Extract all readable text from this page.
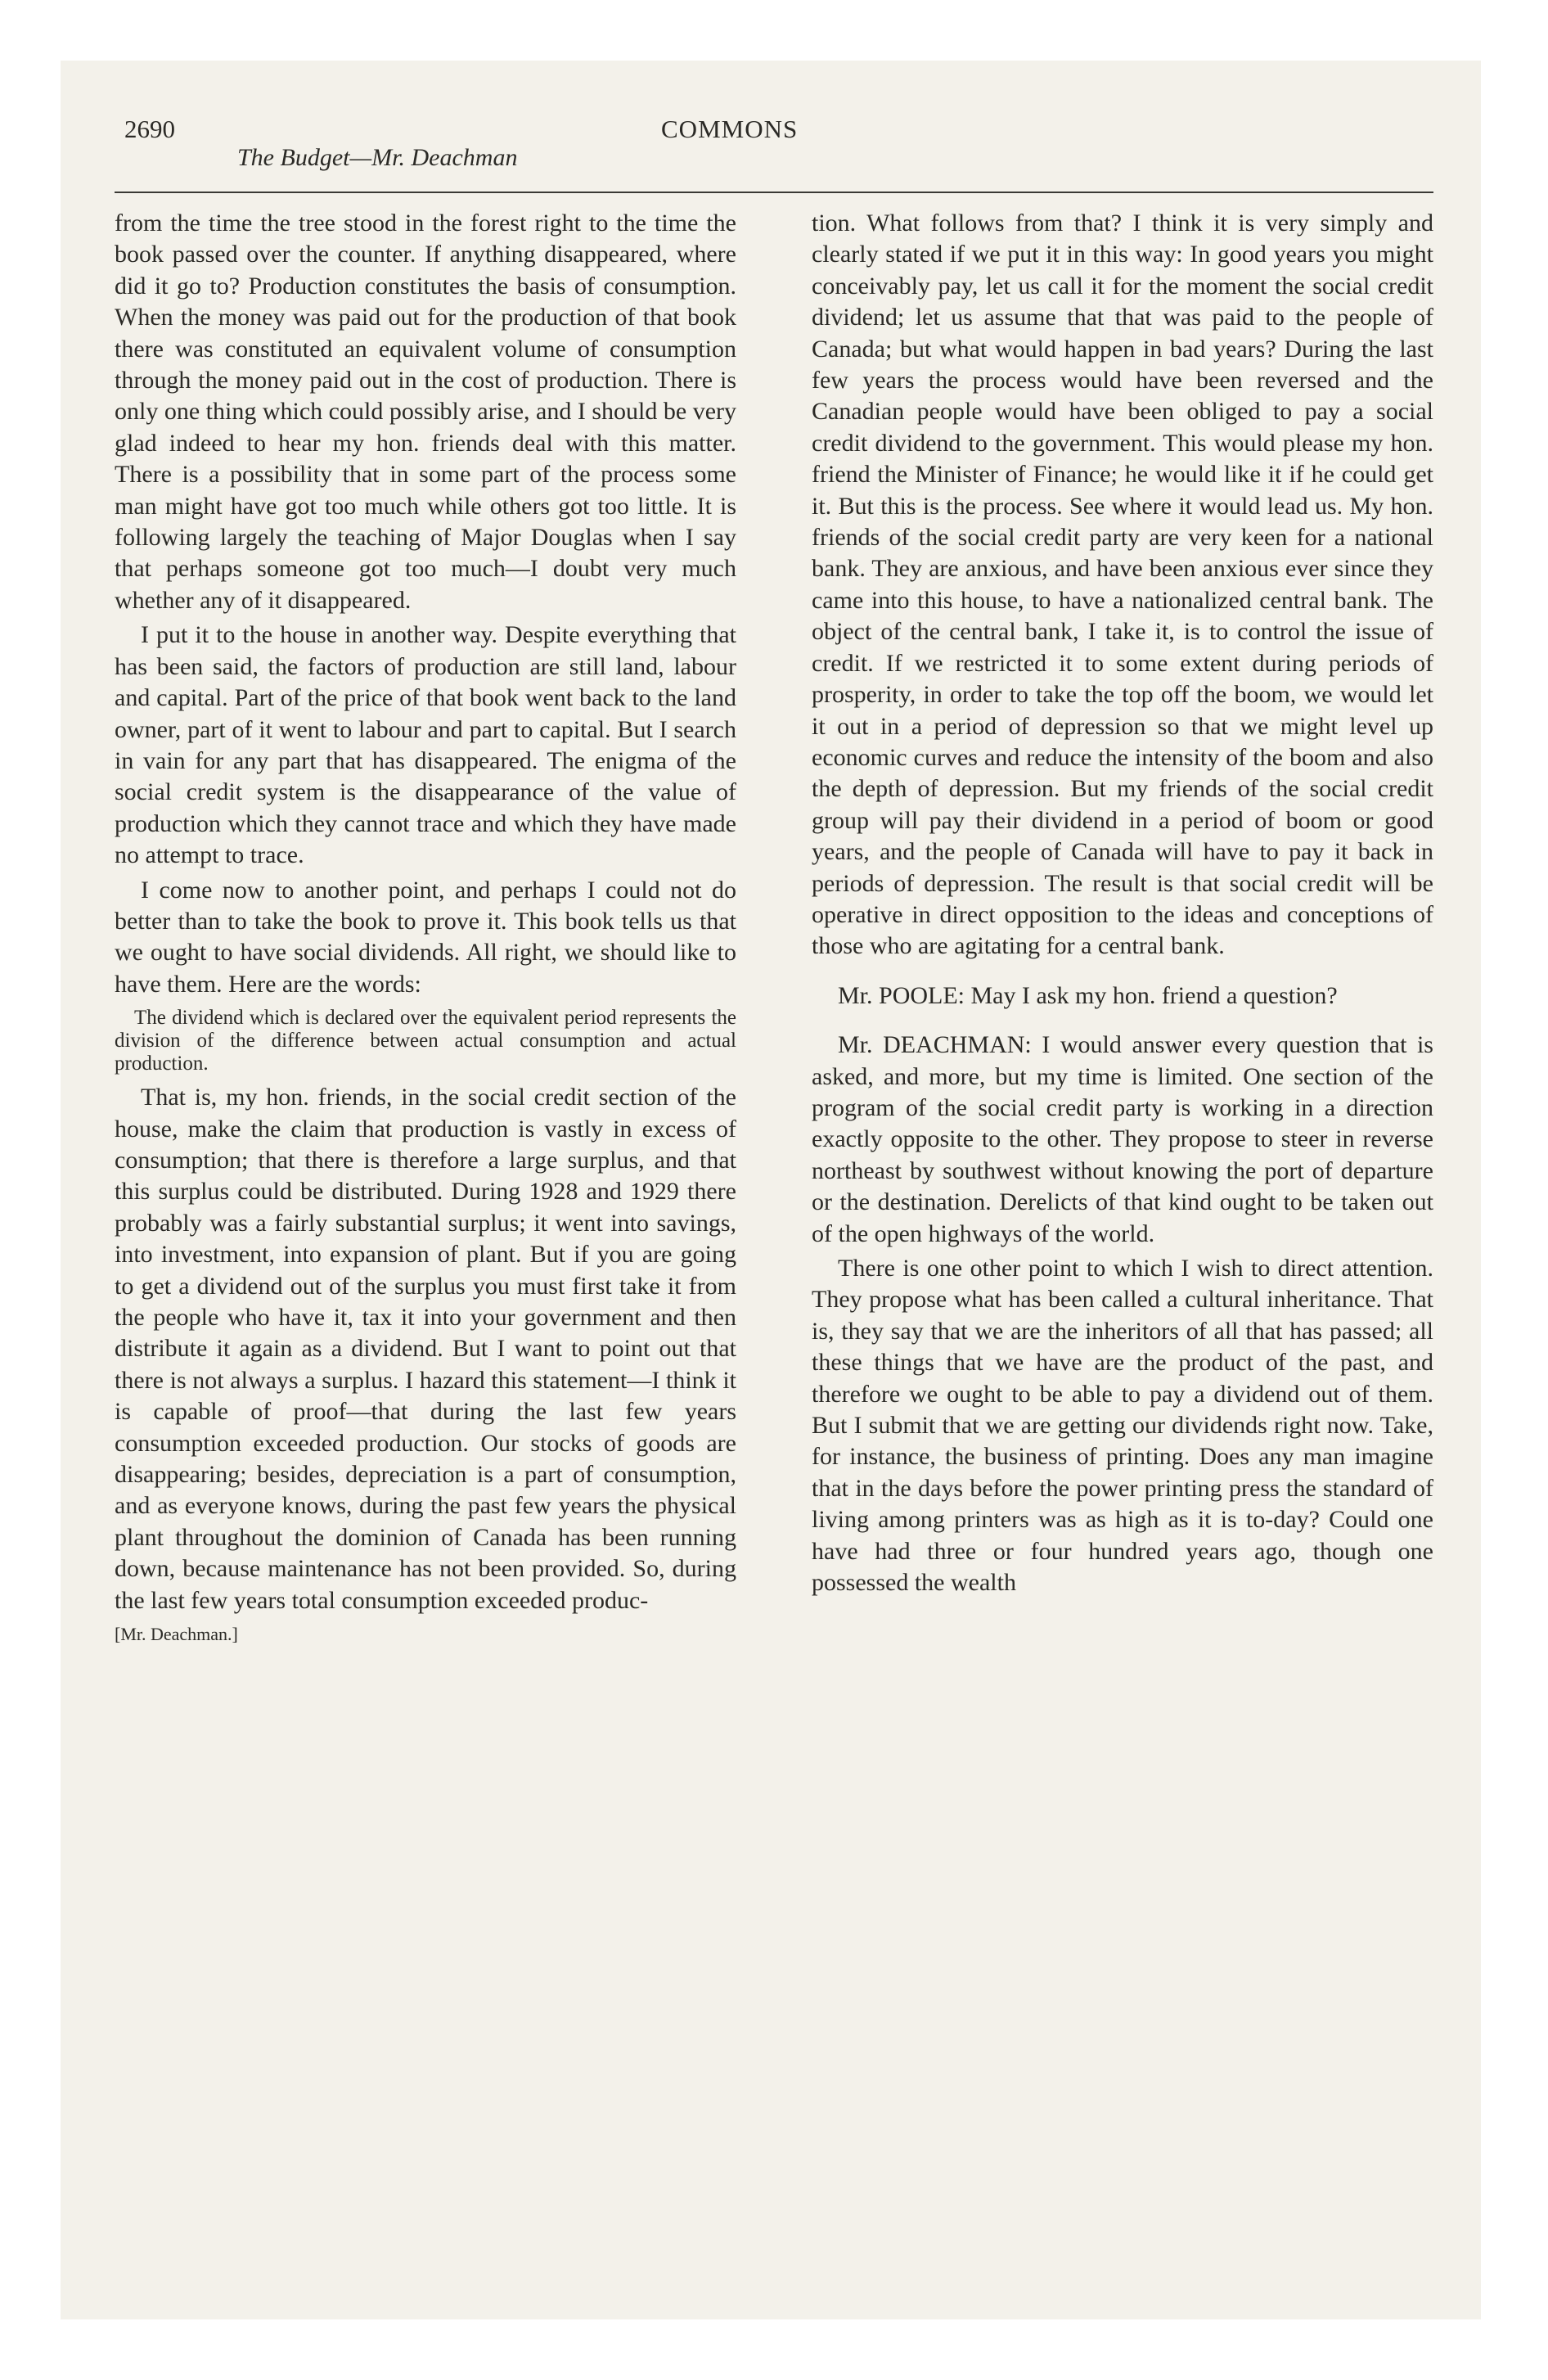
2690
The Budget—Mr. Deachman
COMMONS

from the time the tree stood in the forest right to the time the book passed over the counter. If anything disappeared, where did it go to? Production constitutes the basis of consumption. When the money was paid out for the production of that book there was constituted an equivalent volume of consumption through the money paid out in the cost of production. There is only one thing which could possibly arise, and I should be very glad indeed to hear my hon. friends deal with this matter. There is a possibility that in some part of the process some man might have got too much while others got too little. It is following largely the teaching of Major Douglas when I say that perhaps someone got too much—I doubt very much whether any of it disappeared.

I put it to the house in another way. Despite everything that has been said, the factors of production are still land, labour and capital. Part of the price of that book went back to the land owner, part of it went to labour and part to capital. But I search in vain for any part that has disappeared. The enigma of the social credit system is the disappearance of the value of production which they cannot trace and which they have made no attempt to trace.

I come now to another point, and perhaps I could not do better than to take the book to prove it. This book tells us that we ought to have social dividends. All right, we should like to have them. Here are the words:

The dividend which is declared over the equivalent period represents the division of the difference between actual consumption and actual production.

That is, my hon. friends, in the social credit section of the house, make the claim that production is vastly in excess of consumption; that there is therefore a large surplus, and that this surplus could be distributed. During 1928 and 1929 there probably was a fairly substantial surplus; it went into savings, into investment, into expansion of plant. But if you are going to get a dividend out of the surplus you must first take it from the people who have it, tax it into your government and then distribute it again as a dividend. But I want to point out that there is not always a surplus. I hazard this statement—I think it is capable of proof—that during the last few years consumption exceeded production. Our stocks of goods are disappearing; besides, depreciation is a part of consumption, and as everyone knows, during the past few years the physical plant throughout the dominion of Canada has been running down, because maintenance has not been provided. So, during the last few years total consumption exceeded produc-

[Mr. Deachman.]

tion. What follows from that? I think it is very simply and clearly stated if we put it in this way: In good years you might conceivably pay, let us call it for the moment the social credit dividend; let us assume that that was paid to the people of Canada; but what would happen in bad years? During the last few years the process would have been reversed and the Canadian people would have been obliged to pay a social credit dividend to the government. This would please my hon. friend the Minister of Finance; he would like it if he could get it. But this is the process. See where it would lead us. My hon. friends of the social credit party are very keen for a national bank. They are anxious, and have been anxious ever since they came into this house, to have a nationalized central bank. The object of the central bank, I take it, is to control the issue of credit. If we restricted it to some extent during periods of prosperity, in order to take the top off the boom, we would let it out in a period of depression so that we might level up economic curves and reduce the intensity of the boom and also the depth of depression. But my friends of the social credit group will pay their dividend in a period of boom or good years, and the people of Canada will have to pay it back in periods of depression. The result is that social credit will be operative in direct opposition to the ideas and conceptions of those who are agitating for a central bank.

Mr. POOLE: May I ask my hon. friend a question?

Mr. DEACHMAN: I would answer every question that is asked, and more, but my time is limited. One section of the program of the social credit party is working in a direction exactly opposite to the other. They propose to steer in reverse northeast by southwest without knowing the port of departure or the destination. Derelicts of that kind ought to be taken out of the open highways of the world.

There is one other point to which I wish to direct attention. They propose what has been called a cultural inheritance. That is, they say that we are the inheritors of all that has passed; all these things that we have are the product of the past, and therefore we ought to be able to pay a dividend out of them. But I submit that we are getting our dividends right now. Take, for instance, the business of printing. Does any man imagine that in the days before the power printing press the standard of living among printers was as high as it is to-day? Could one have had three or four hundred years ago, though one possessed the wealth
